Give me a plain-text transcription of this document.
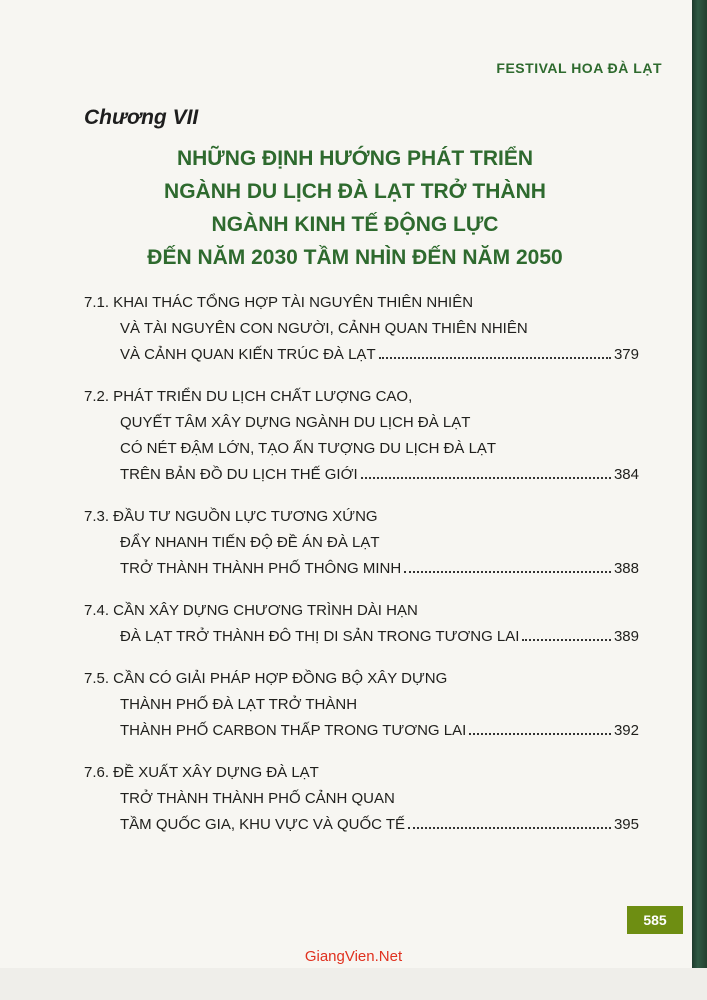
FESTIVAL HOA ĐÀ LẠT
Chương VII
NHỮNG ĐỊNH HƯỚNG PHÁT TRIỂN
NGÀNH DU LỊCH ĐÀ LẠT TRỞ THÀNH
NGÀNH KINH TẾ ĐỘNG LỰC
ĐẾN NĂM 2030 TẦM NHÌN ĐẾN NĂM 2050
7.1. KHAI THÁC TỔNG HỢP TÀI NGUYÊN THIÊN NHIÊN
VÀ TÀI NGUYÊN CON NGƯỜI, CẢNH QUAN THIÊN NHIÊN
VÀ CẢNH QUAN KIẾN TRÚC ĐÀ LẠT	379
7.2. PHÁT TRIỂN DU LỊCH CHẤT LƯỢNG CAO,
QUYẾT TÂM XÂY DỰNG NGÀNH DU LỊCH ĐÀ LẠT
CÓ NÉT ĐẬM LỚN, TẠO ẤN TƯỢNG DU LỊCH ĐÀ LẠT
TRÊN BẢN ĐỒ DU LỊCH THẾ GIỚI	384
7.3. ĐẦU TƯ NGUỒN LỰC TƯƠNG XỨNG
ĐẨY NHANH TIẾN ĐỘ ĐỀ ÁN ĐÀ LẠT
TRỞ THÀNH THÀNH PHỐ THÔNG MINH	388
7.4. CẦN XÂY DỰNG CHƯƠNG TRÌNH DÀI HẠN
ĐÀ LẠT TRỞ THÀNH ĐÔ THỊ DI SẢN TRONG TƯƠNG LAI	389
7.5. CẦN CÓ GIẢI PHÁP HỢP ĐỒNG BỘ XÂY DỰNG
THÀNH PHỐ ĐÀ LẠT TRỞ THÀNH
THÀNH PHỐ CARBON THẤP TRONG TƯƠNG LAI	392
7.6. ĐỀ XUẤT XÂY DỰNG ĐÀ LẠT
TRỞ THÀNH THÀNH PHỐ CẢNH QUAN
TẦM QUỐC GIA, KHU VỰC VÀ QUỐC TẾ	395
585
GiangVien.Net
